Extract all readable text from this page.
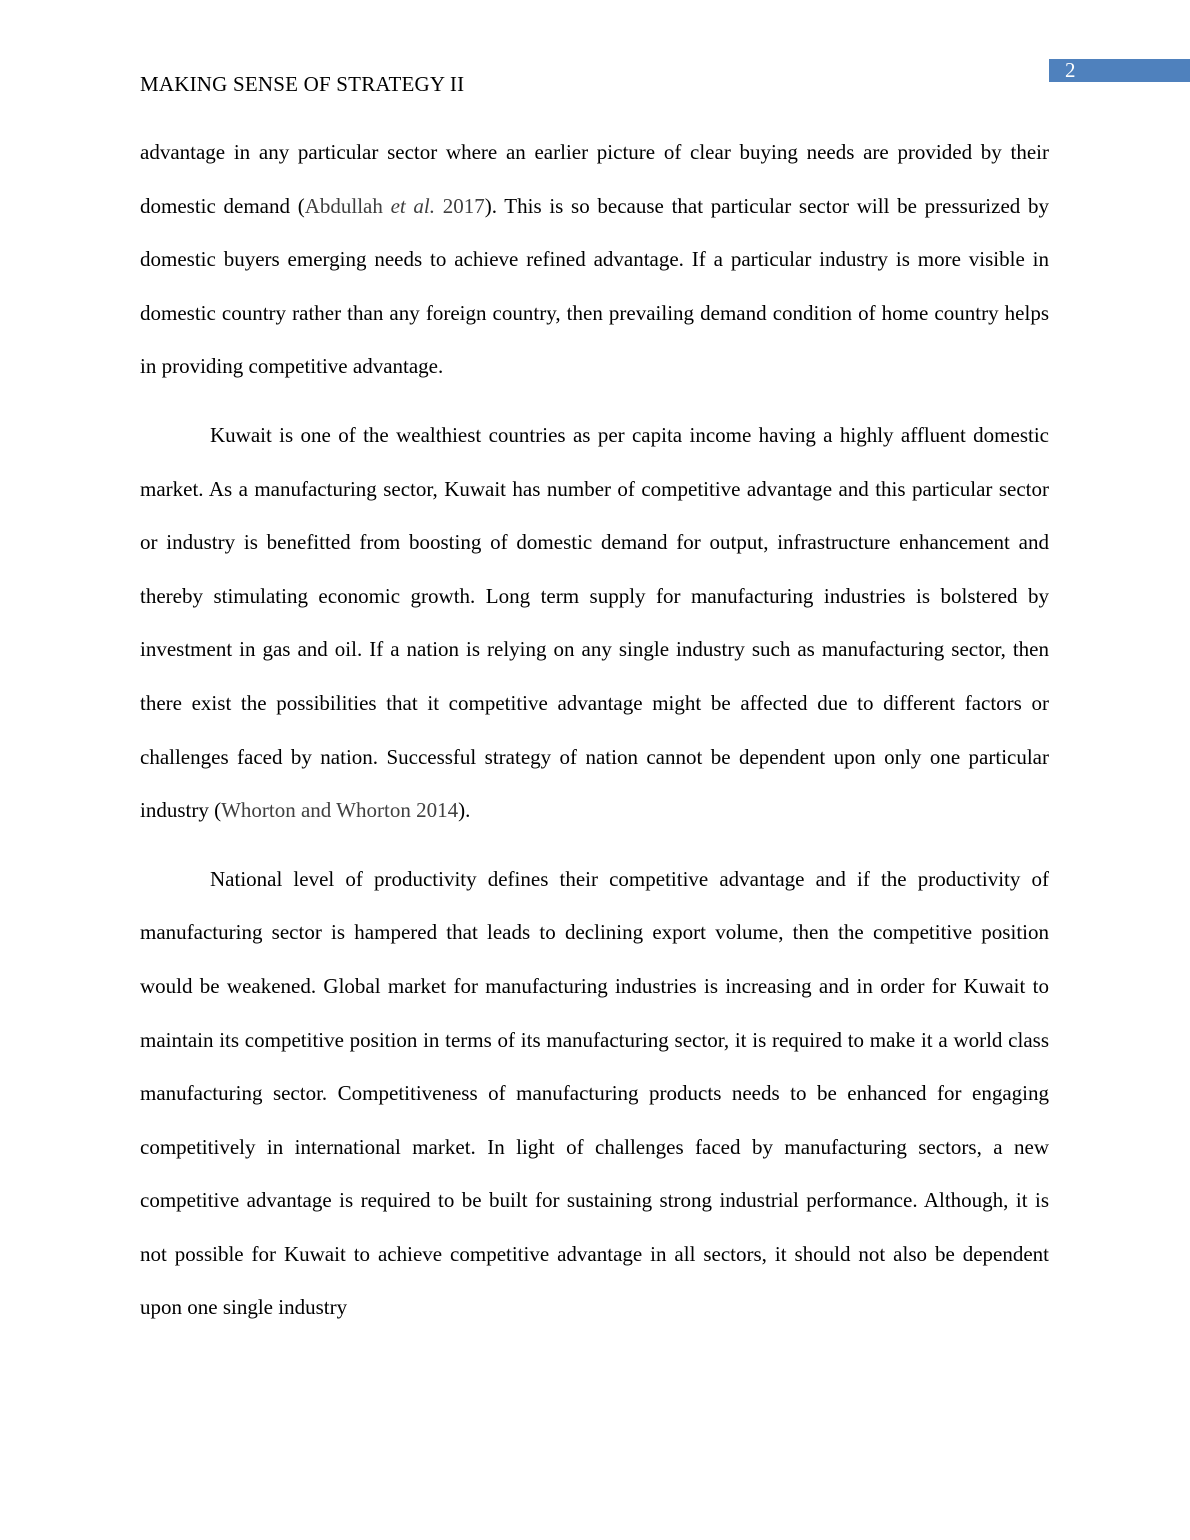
2
MAKING SENSE OF STRATEGY II

advantage in any particular sector where an earlier picture of clear buying needs are provided by their domestic demand (Abdullah et al. 2017). This is so because that particular sector will be pressurized by domestic buyers emerging needs to achieve refined advantage. If a particular industry is more visible in domestic country rather than any foreign country, then prevailing demand condition of home country helps in providing competitive advantage.

Kuwait is one of the wealthiest countries as per capita income having a highly affluent domestic market. As a manufacturing sector, Kuwait has number of competitive advantage and this particular sector or industry is benefitted from boosting of domestic demand for output, infrastructure enhancement and thereby stimulating economic growth. Long term supply for manufacturing industries is bolstered by investment in gas and oil. If a nation is relying on any single industry such as manufacturing sector, then there exist the possibilities that it competitive advantage might be affected due to different factors or challenges faced by nation. Successful strategy of nation cannot be dependent upon only one particular industry (Whorton and Whorton 2014).

National level of productivity defines their competitive advantage and if the productivity of manufacturing sector is hampered that leads to declining export volume, then the competitive position would be weakened. Global market for manufacturing industries is increasing and in order for Kuwait to maintain its competitive position in terms of its manufacturing sector, it is required to make it a world class manufacturing sector. Competitiveness of manufacturing products needs to be enhanced for engaging competitively in international market. In light of challenges faced by manufacturing sectors, a new competitive advantage is required to be built for sustaining strong industrial performance. Although, it is not possible for Kuwait to achieve competitive advantage in all sectors, it should not also be dependent upon one single industry
